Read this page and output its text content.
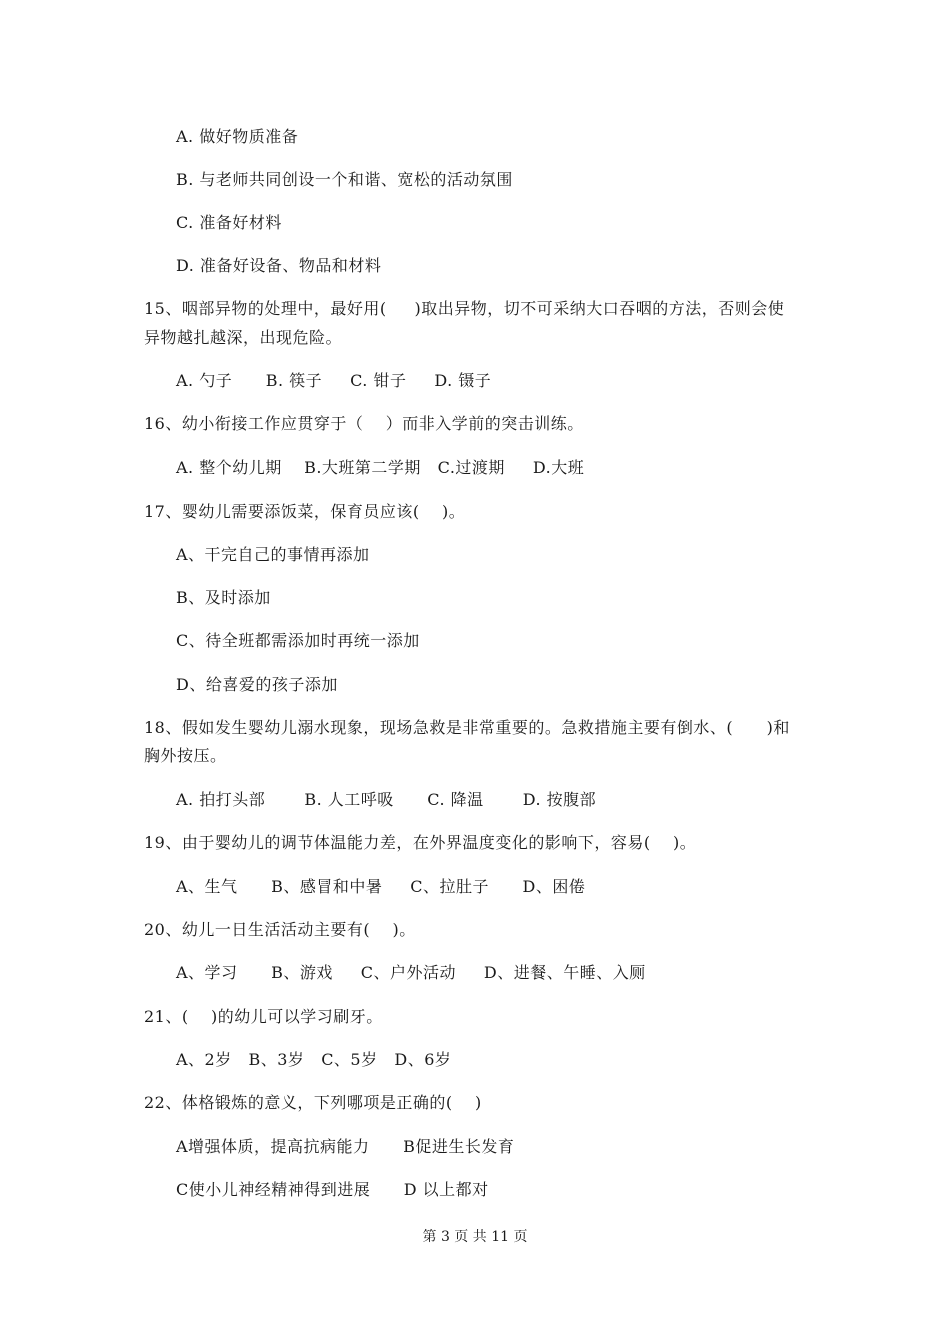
A. 做好物质准备
B. 与老师共同创设一个和谐、宽松的活动氛围
C. 准备好材料
D. 准备好设备、物品和材料
15、咽部异物的处理中，最好用(     )取出异物，切不可采纳大口吞咽的方法，否则会使
异物越扎越深，出现危险。
A. 勺子      B. 筷子     C. 钳子     D. 镊子
16、幼小衔接工作应贯穿于（    ）而非入学前的突击训练。
A. 整个幼儿期    B.大班第二学期   C.过渡期     D.大班
17、婴幼儿需要添饭菜，保育员应该(    )。
A、干完自己的事情再添加
B、及时添加
C、待全班都需添加时再统一添加
D、给喜爱的孩子添加
18、假如发生婴幼儿溺水现象，现场急救是非常重要的。急救措施主要有倒水、(      )和
胸外按压。
A. 拍打头部       B. 人工呼吸      C. 降温       D. 按腹部
19、由于婴幼儿的调节体温能力差，在外界温度变化的影响下，容易(    )。
A、生气      B、感冒和中暑     C、拉肚子      D、困倦
20、幼儿一日生活活动主要有(    )。
A、学习      B、游戏     C、户外活动     D、进餐、午睡、入厕
21、(    )的幼儿可以学习刷牙。
A、2岁   B、3岁   C、5岁   D、6岁
22、体格锻炼的意义，下列哪项是正确的(    )
A增强体质，提高抗病能力      B促进生长发育
C使小儿神经精神得到进展      D 以上都对
第 3 页 共 11 页
